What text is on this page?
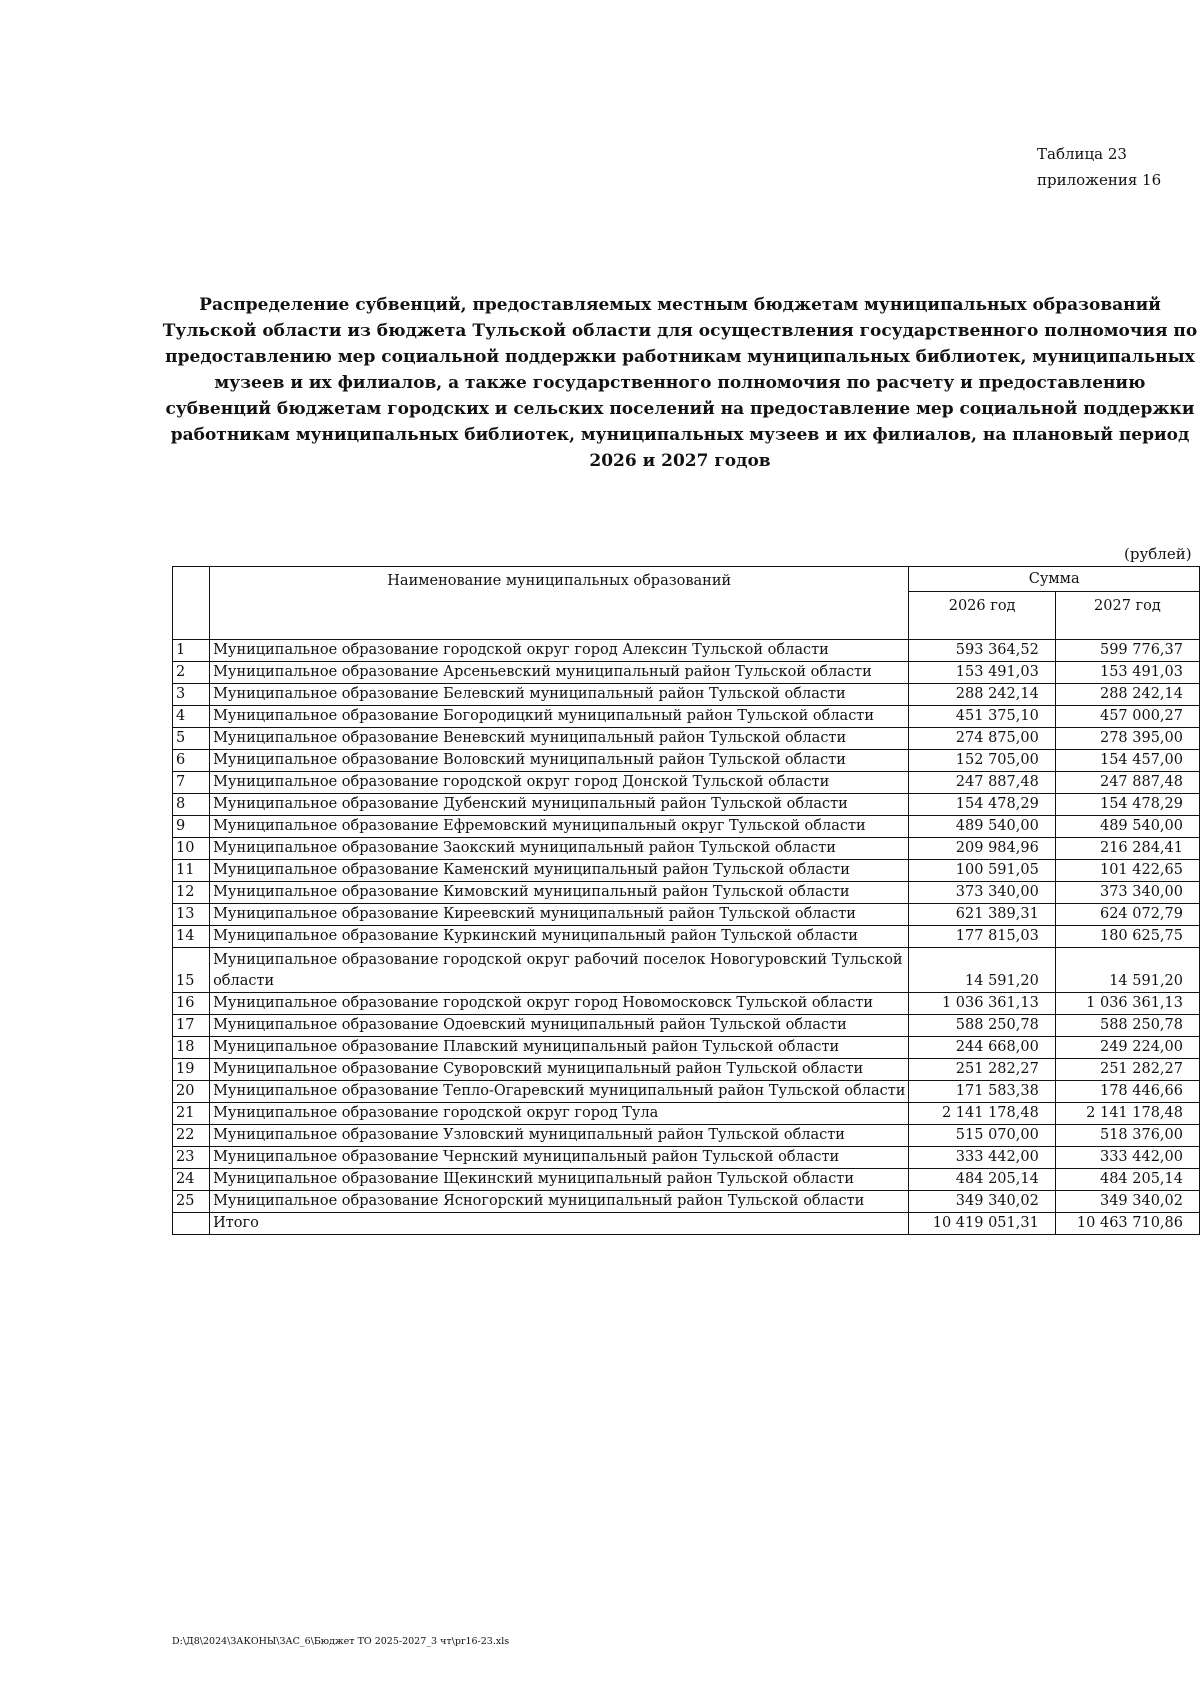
Таблица 23
приложения 16
Распределение субвенций, предоставляемых местным бюджетам муниципальных образований Тульской области из бюджета Тульской области для осуществления государственного полномочия по предоставлению мер социальной поддержки работникам муниципальных библиотек, муниципальных музеев и их филиалов, а также государственного полномочия по расчету и предоставлению субвенций бюджетам городских и сельских поселений на предоставление мер социальной поддержки работникам муниципальных библиотек, муниципальных музеев и их филиалов, на плановый период 2026 и 2027 годов
(рублей)
	Наименование муниципальных образований	Сумма	
		2026 год	2027 год
1	Муниципальное образование городской округ город Алексин Тульской области	593 364,52	599 776,37
2	Муниципальное образование Арсеньевский муниципальный район Тульской области	153 491,03	153 491,03
3	Муниципальное образование Белевский муниципальный район Тульской области	288 242,14	288 242,14
4	Муниципальное образование Богородицкий муниципальный район Тульской области	451 375,10	457 000,27
5	Муниципальное образование Веневский муниципальный район Тульской области	274 875,00	278 395,00
6	Муниципальное образование Воловский муниципальный район Тульской области	152 705,00	154 457,00
7	Муниципальное образование городской округ город Донской Тульской области	247 887,48	247 887,48
8	Муниципальное образование Дубенский муниципальный район Тульской области	154 478,29	154 478,29
9	Муниципальное образование Ефремовский муниципальный округ Тульской области	489 540,00	489 540,00
10	Муниципальное образование Заокский муниципальный район Тульской области	209 984,96	216 284,41
11	Муниципальное образование Каменский муниципальный район Тульской области	100 591,05	101 422,65
12	Муниципальное образование Кимовский муниципальный район Тульской области	373 340,00	373 340,00
13	Муниципальное образование Киреевский муниципальный район Тульской области	621 389,31	624 072,79
14	Муниципальное образование Куркинский муниципальный район Тульской области	177 815,03	180 625,75
15	Муниципальное образование городской округ рабочий поселок Новогуровский Тульской области	14 591,20	14 591,20
16	Муниципальное образование городской округ город Новомосковск Тульской области	1 036 361,13	1 036 361,13
17	Муниципальное образование Одоевский муниципальный район Тульской области	588 250,78	588 250,78
18	Муниципальное образование Плавский муниципальный район Тульской области	244 668,00	249 224,00
19	Муниципальное образование Суворовский муниципальный район Тульской области	251 282,27	251 282,27
20	Муниципальное образование Тепло-Огаревский муниципальный район Тульской области	171 583,38	178 446,66
21	Муниципальное образование городской округ город Тула	2 141 178,48	2 141 178,48
22	Муниципальное образование Узловский муниципальный район Тульской области	515 070,00	518 376,00
23	Муниципальное образование Чернский муниципальный район Тульской области	333 442,00	333 442,00
24	Муниципальное образование Щекинский муниципальный район Тульской области	484 205,14	484 205,14
25	Муниципальное образование Ясногорский муниципальный район Тульской области	349 340,02	349 340,02
	Итого	10 419 051,31	10 463 710,86
D:\Д8\2024\ЗАКОНЫ\ЗАС_6\Бюджет ТО 2025-2027_3 чт\pr16-23.xls
